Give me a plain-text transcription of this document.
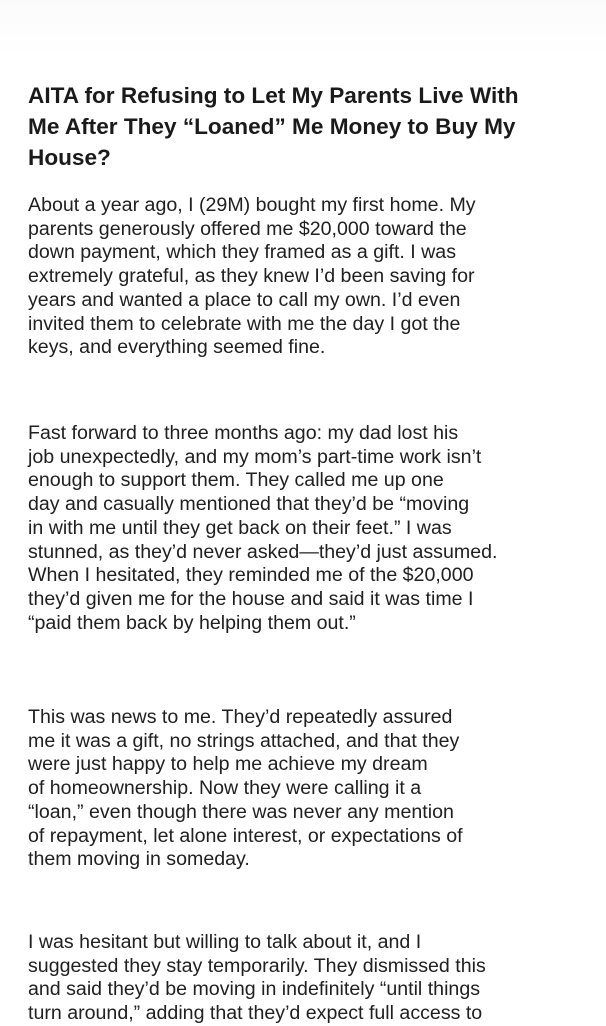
AITA for Refusing to Let My Parents Live With
Me After They “Loaned” Me Money to Buy My
House?

About a year ago, I (29M) bought my first home. My
parents generously offered me $20,000 toward the
down payment, which they framed as a gift. I was
extremely grateful, as they knew I’d been saving for
years and wanted a place to call my own. I’d even
invited them to celebrate with me the day I got the
keys, and everything seemed fine.

Fast forward to three months ago: my dad lost his
job unexpectedly, and my mom’s part-time work isn’t
enough to support them. They called me up one
day and casually mentioned that they’d be “moving
in with me until they get back on their feet.” I was
stunned, as they’d never asked—they’d just assumed.
When I hesitated, they reminded me of the $20,000
they’d given me for the house and said it was time I
“paid them back by helping them out.”

This was news to me. They’d repeatedly assured
me it was a gift, no strings attached, and that they
were just happy to help me achieve my dream
of homeownership. Now they were calling it a
“loan,” even though there was never any mention
of repayment, let alone interest, or expectations of
them moving in someday.

I was hesitant but willing to talk about it, and I
suggested they stay temporarily. They dismissed this
and said they’d be moving in indefinitely “until things
turn around,” adding that they’d expect full access to
